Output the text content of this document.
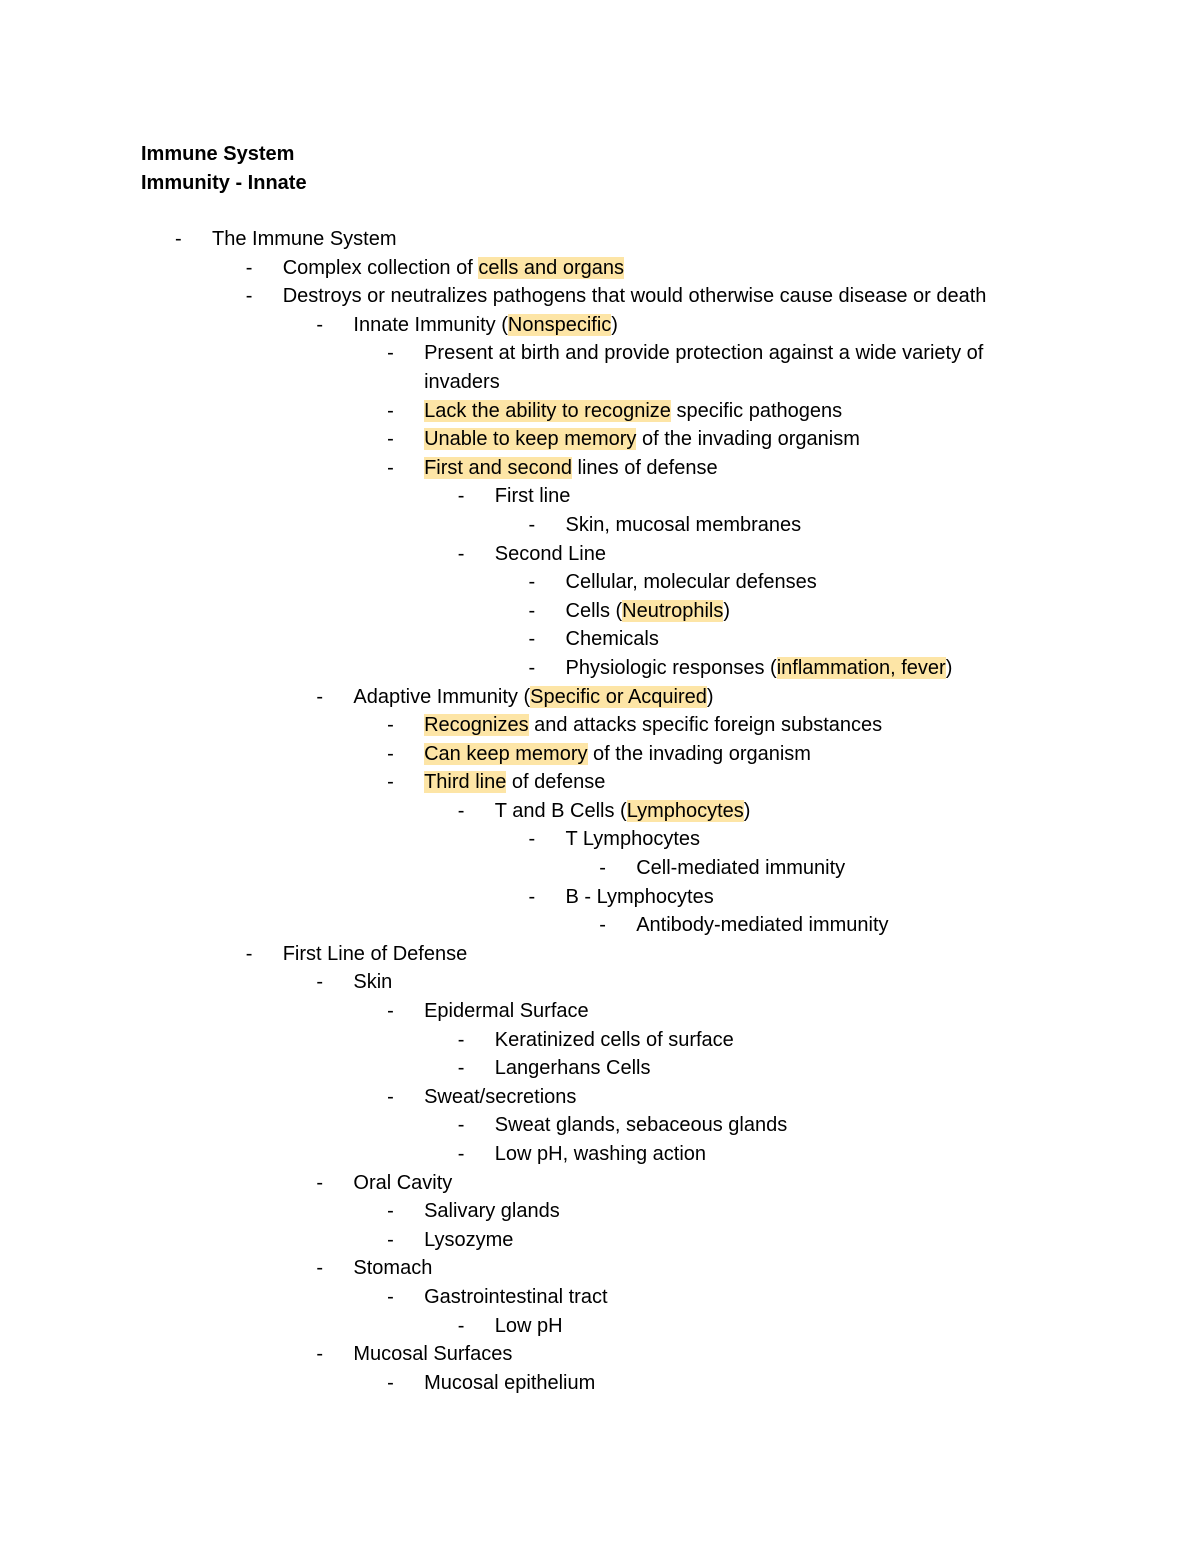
Immune System
Immunity - Innate
- The Immune System
- Complex collection of cells and organs
- Destroys or neutralizes pathogens that would otherwise cause disease or death
- Innate Immunity (Nonspecific)
- Present at birth and provide protection against a wide variety of invaders
- Lack the ability to recognize specific pathogens
- Unable to keep memory of the invading organism
- First and second lines of defense
- First line
- Skin, mucosal membranes
- Second Line
- Cellular, molecular defenses
- Cells (Neutrophils)
- Chemicals
- Physiologic responses (inflammation, fever)
- Adaptive Immunity (Specific or Acquired)
- Recognizes and attacks specific foreign substances
- Can keep memory of the invading organism
- Third line of defense
- T and B Cells (Lymphocytes)
- T Lymphocytes
- Cell-mediated immunity
- B - Lymphocytes
- Antibody-mediated immunity
- First Line of Defense
- Skin
- Epidermal Surface
- Keratinized cells of surface
- Langerhans Cells
- Sweat/secretions
- Sweat glands, sebaceous glands
- Low pH, washing action
- Oral Cavity
- Salivary glands
- Lysozyme
- Stomach
- Gastrointestinal tract
- Low pH
- Mucosal Surfaces
- Mucosal epithelium
